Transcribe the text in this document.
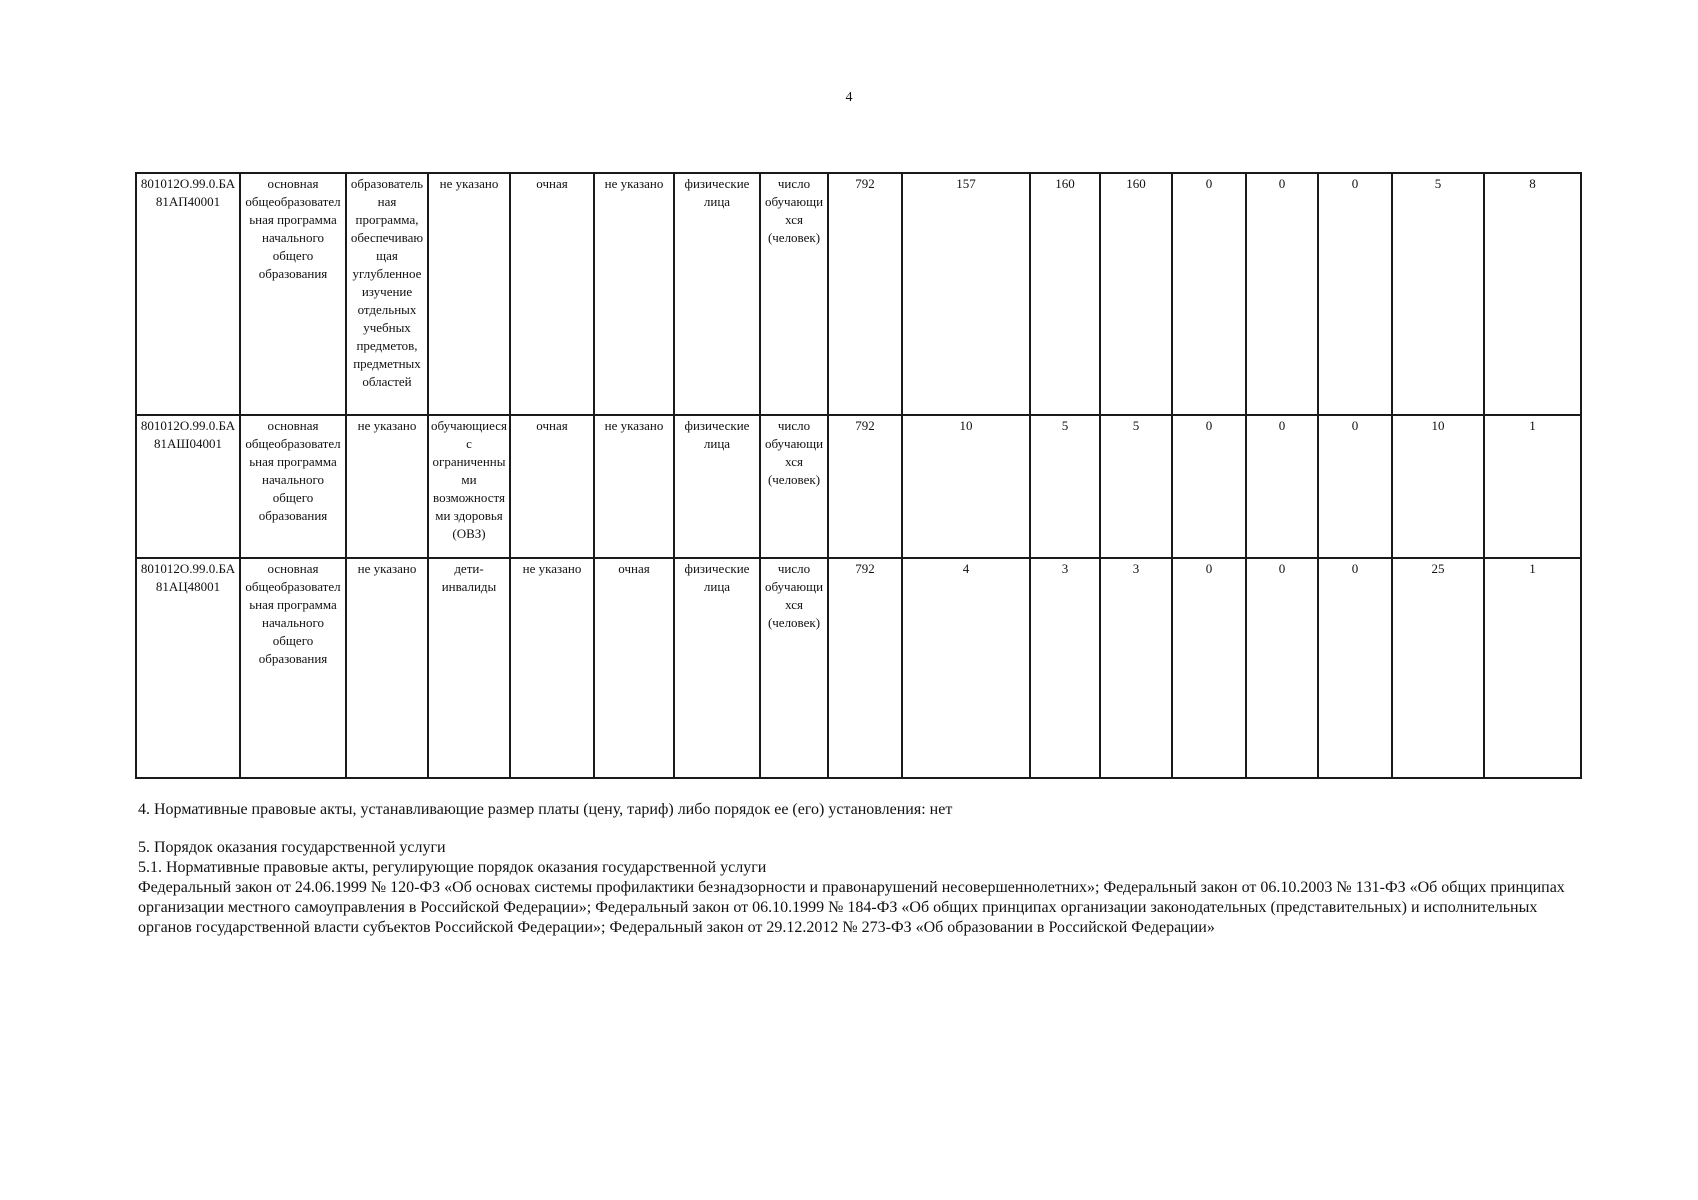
4
801012О.99.0.БА81АП40001	основная общеобразовательная программа начального общего образования	образовательная программа, обеспечивающая углубленное изучение отдельных учебных предметов, предметных областей	не указано	очная	не указано	физические лица	число обучающихся (человек)	792	157	160	160	0	0	0	5	8
801012О.99.0.БА81АШ04001	основная общеобразовательная программа начального общего образования	не указано	обучающиеся с ограниченными возможностями здоровья (ОВЗ)	очная	не указано	физические лица	число обучающихся (человек)	792	10	5	5	0	0	0	10	1
801012О.99.0.БА81АЦ48001	основная общеобразовательная программа начального общего образования	не указано	дети-инвалиды	не указано	очная	физические лица	число обучающихся (человек)	792	4	3	3	0	0	0	25	1
4. Нормативные правовые акты, устанавливающие размер платы (цену, тариф) либо порядок ее (его) установления: нет
5. Порядок оказания государственной услуги
5.1. Нормативные правовые акты, регулирующие порядок оказания государственной услуги
Федеральный закон от 24.06.1999 № 120-ФЗ «Об основах системы профилактики безнадзорности и правонарушений несовершеннолетних»; Федеральный закон от 06.10.2003 № 131-ФЗ «Об общих принципах организации местного самоуправления в Российской Федерации»; Федеральный закон от 06.10.1999 № 184-ФЗ «Об общих принципах организации законодательных (представительных) и исполнительных органов государственной власти субъектов Российской Федерации»; Федеральный закон от 29.12.2012 № 273-ФЗ «Об образовании в Российской Федерации»
